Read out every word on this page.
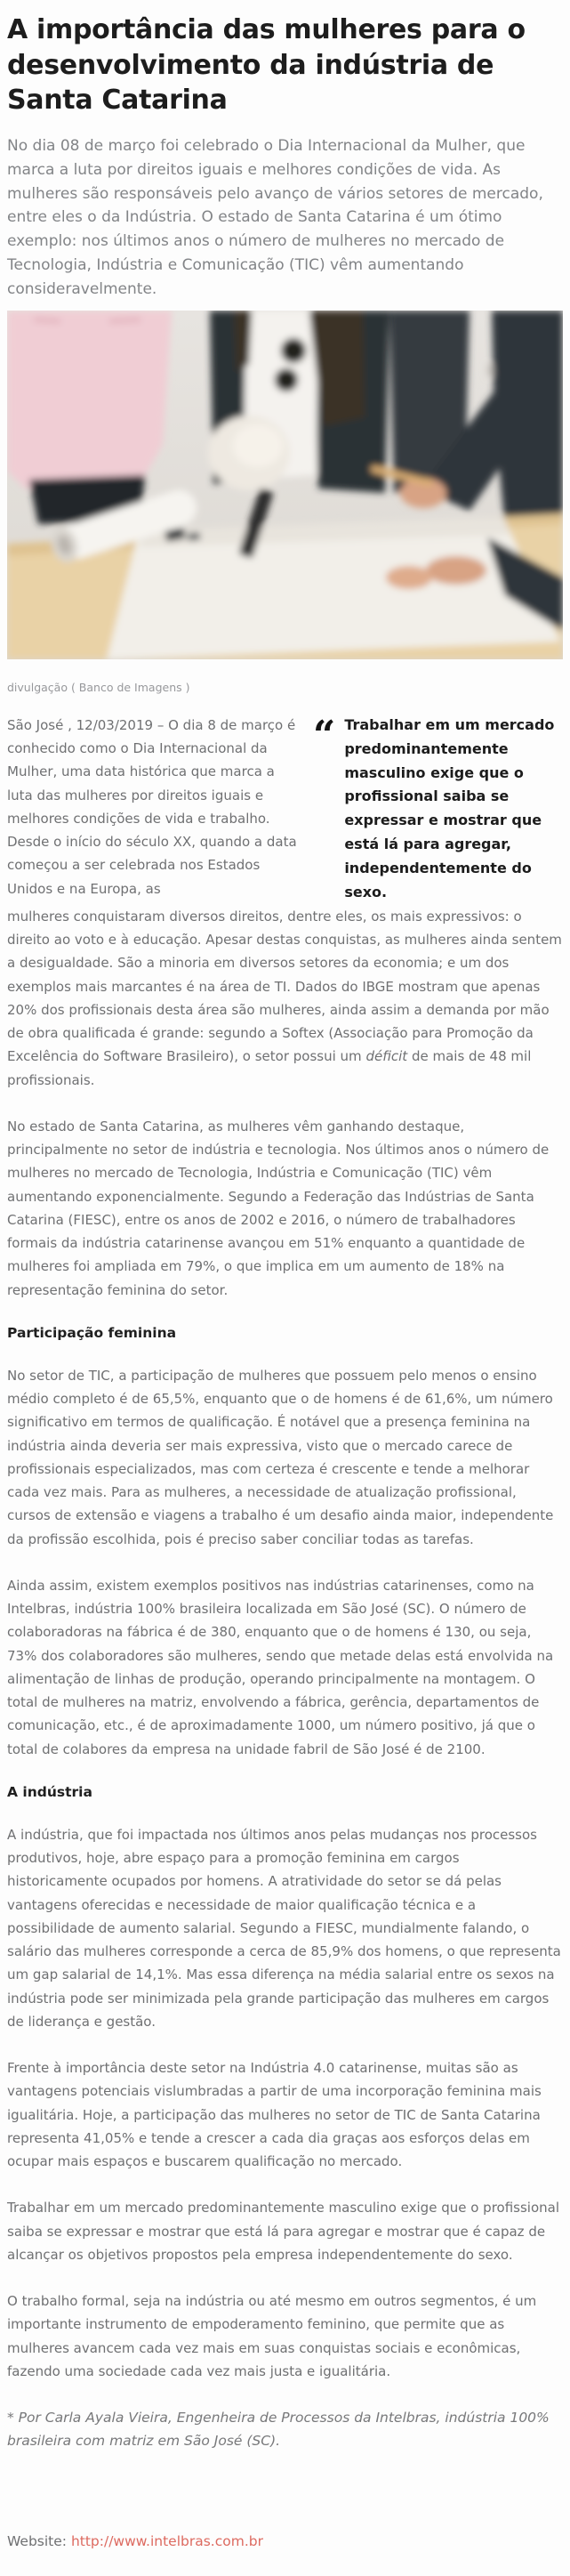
A importância das mulheres para o desenvolvimento da indústria de Santa Catarina

No dia 08 de março foi celebrado o Dia Internacional da Mulher, que marca a luta por direitos iguais e melhores condições de vida. As mulheres são responsáveis pelo avanço de vários setores de mercado, entre eles o da Indústria. O estado de Santa Catarina é um ótimo exemplo: nos últimos anos o número de mulheres no mercado de Tecnologia, Indústria e Comunicação (TIC) vêm aumentando consideravelmente.

divulgação ( Banco de Imagens )

São José , 12/03/2019 – O dia 8 de março é conhecido como o Dia Internacional da Mulher, uma data histórica que marca a luta das mulheres por direitos iguais e melhores condições de vida e trabalho. Desde o início do século XX, quando a data começou a ser celebrada nos Estados Unidos e na Europa, as

“ Trabalhar em um mercado predominantemente masculino exige que o profissional saiba se expressar e mostrar que está lá para agregar, independentemente do sexo.

mulheres conquistaram diversos direitos, dentre eles, os mais expressivos: o direito ao voto e à educação. Apesar destas conquistas, as mulheres ainda sentem a desigualdade. São a minoria em diversos setores da economia; e um dos exemplos mais marcantes é na área de TI. Dados do IBGE mostram que apenas 20% dos profissionais desta área são mulheres, ainda assim a demanda por mão de obra qualificada é grande: segundo a Softex (Associação para Promoção da Excelência do Software Brasileiro), o setor possui um déficit de mais de 48 mil profissionais.

No estado de Santa Catarina, as mulheres vêm ganhando destaque, principalmente no setor de indústria e tecnologia. Nos últimos anos o número de mulheres no mercado de Tecnologia, Indústria e Comunicação (TIC) vêm aumentando exponencialmente. Segundo a Federação das Indústrias de Santa Catarina (FIESC), entre os anos de 2002 e 2016, o número de trabalhadores formais da indústria catarinense avançou em 51% enquanto a quantidade de mulheres foi ampliada em 79%, o que implica em um aumento de 18% na representação feminina do setor.

Participação feminina

No setor de TIC, a participação de mulheres que possuem pelo menos o ensino médio completo é de 65,5%, enquanto que o de homens é de 61,6%, um número significativo em termos de qualificação. É notável que a presença feminina na indústria ainda deveria ser mais expressiva, visto que o mercado carece de profissionais especializados, mas com certeza é crescente e tende a melhorar cada vez mais. Para as mulheres, a necessidade de atualização profissional, cursos de extensão e viagens a trabalho é um desafio ainda maior, independente da profissão escolhida, pois é preciso saber conciliar todas as tarefas.

Ainda assim, existem exemplos positivos nas indústrias catarinenses, como na Intelbras, indústria 100% brasileira localizada em São José (SC). O número de colaboradoras na fábrica é de 380, enquanto que o de homens é 130, ou seja, 73% dos colaboradores são mulheres, sendo que metade delas está envolvida na alimentação de linhas de produção, operando principalmente na montagem. O total de mulheres na matriz, envolvendo a fábrica, gerência, departamentos de comunicação, etc., é de aproximadamente 1000, um número positivo, já que o total de colabores da empresa na unidade fabril de São José é de 2100.

A indústria

A indústria, que foi impactada nos últimos anos pelas mudanças nos processos produtivos, hoje, abre espaço para a promoção feminina em cargos historicamente ocupados por homens. A atratividade do setor se dá pelas vantagens oferecidas e necessidade de maior qualificação técnica e a possibilidade de aumento salarial. Segundo a FIESC, mundialmente falando, o salário das mulheres corresponde a cerca de 85,9% dos homens, o que representa um gap salarial de 14,1%. Mas essa diferença na média salarial entre os sexos na indústria pode ser minimizada pela grande participação das mulheres em cargos de liderança e gestão.

Frente à importância deste setor na Indústria 4.0 catarinense, muitas são as vantagens potenciais vislumbradas a partir de uma incorporação feminina mais igualitária. Hoje, a participação das mulheres no setor de TIC de Santa Catarina representa 41,05% e tende a crescer a cada dia graças aos esforços delas em ocupar mais espaços e buscarem qualificação no mercado.

Trabalhar em um mercado predominantemente masculino exige que o profissional saiba se expressar e mostrar que está lá para agregar e mostrar que é capaz de alcançar os objetivos propostos pela empresa independentemente do sexo.

O trabalho formal, seja na indústria ou até mesmo em outros segmentos, é um importante instrumento de empoderamento feminino, que permite que as mulheres avancem cada vez mais em suas conquistas sociais e econômicas, fazendo uma sociedade cada vez mais justa e igualitária.

* Por Carla Ayala Vieira, Engenheira de Processos da Intelbras, indústria 100% brasileira com matriz em São José (SC).

Website: http://www.intelbras.com.br
